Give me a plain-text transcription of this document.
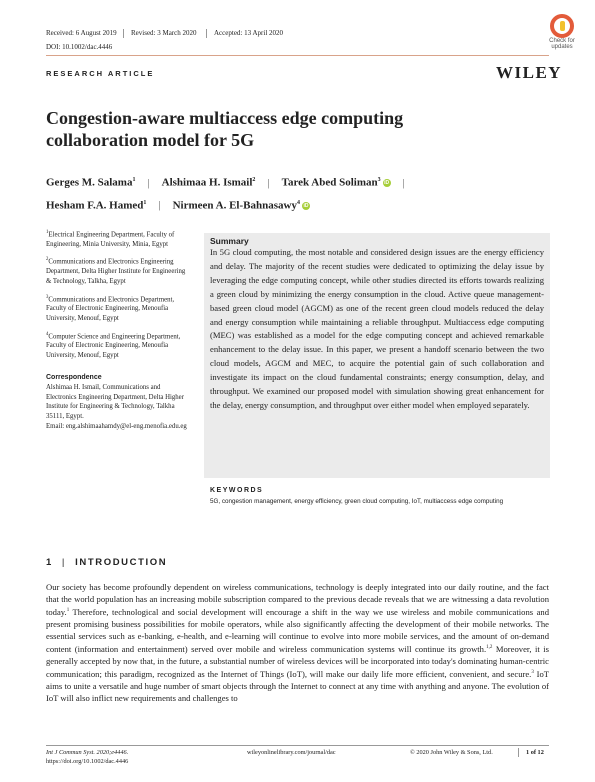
Received: 6 August 2019 Revised: 3 March 2020 Accepted: 13 April 2020
DOI: 10.1002/dac.4446
Check for
updates
RESEARCH ARTICLE	WILEY
Congestion-aware multiaccess edge computing
collaboration model for 5G
Gerges M. Salama$^1$ | Alshimaa H. Ismail$^2$ | Tarek Abed Soliman$^3$iD |
Hesham F.A. Hamed$^1$ | Nirmeen A. El-Bahnasawy$^4$iD

$^1$Electrical Engineering Department, Faculty of Engineering, Minia University, Minia, Egypt

$^2$Communications and Electronics Engineering Department, Delta Higher Institute for Engineering & Technology, Talkha, Egypt

$^3$Communications and Electronics Department, Faculty of Electronic Engineering, Menoufia University, Menouf, Egypt

$^4$Computer Science and Engineering Department, Faculty of Electronic Engineering, Menoufia University, Menouf, Egypt

Correspondence
Alshimaa H. Ismail, Communications and Electronics Engineering Department, Delta Higher Institute for Engineering & Technology, Talkha 35111, Egypt.
Email: eng.alshimaahamdy@el-eng.menofia.edu.eg
Summary
In 5G cloud computing, the most notable and considered design issues are the energy efficiency and delay. The majority of the recent studies were dedicated to optimizing the delay issue by leveraging the edge computing concept, while other studies directed its efforts towards realizing a green cloud by minimizing the energy consumption in the cloud. Active queue management-based green cloud model (AGCM) as one of the recent green cloud models reduced the delay and energy consumption while maintaining a reliable throughput. Multiaccess edge computing (MEC) was established as a model for the edge computing concept and achieved remarkable enhancement to the delay issue. In this paper, we present a handoff scenario between the two cloud models, AGCM and MEC, to acquire the potential gain of such collaboration and investigate its impact on the cloud fundamental constraints; energy consumption, delay, and throughput. We examined our proposed model with simulation showing great enhancement for the delay, energy consumption, and throughput over either model when employed separately.
KEYWORDS
5G, congestion management, energy efficiency, green cloud computing, IoT, multiaccess edge computing
1 | INTRODUCTION
Our society has become profoundly dependent on wireless communications, technology is deeply integrated into our daily routine, and the fact that the world population has an increasing mobile subscription compared to the previous decade reveals that we are witnessing a data revolution today.$^1$ Therefore, technological and social development will encourage a shift in the way we use wireless and mobile communications and present promising business possibilities for mobile operators, while also significantly affecting the development of their mobile networks. The essential services such as e-banking, e-health, and e-learning will continue to evolve into more mobile services, and the amount of on-demand content (information and entertainment) served over mobile and wireless communication systems will continue its growth.$^{1,2}$ Moreover, it is generally accepted by now that, in the future, a substantial number of wireless devices will be incorporated into today's dominating human-centric communication; this paradigm, recognized as the Internet of Things (IoT), will make our daily life more efficient, convenient, and secure.$^3$ IoT aims to unite a versatile and huge number of smart objects through the Internet to connect at any time with anything and anyone. The evolution of IoT will also inflict new requirements and challenges to
Int J Commun Syst. 2020;e4446.
https://doi.org/10.1002/dac.4446
wileyonlinelibrary.com/journal/dac	© 2020 John Wiley & Sons, Ltd.	1 of 12
